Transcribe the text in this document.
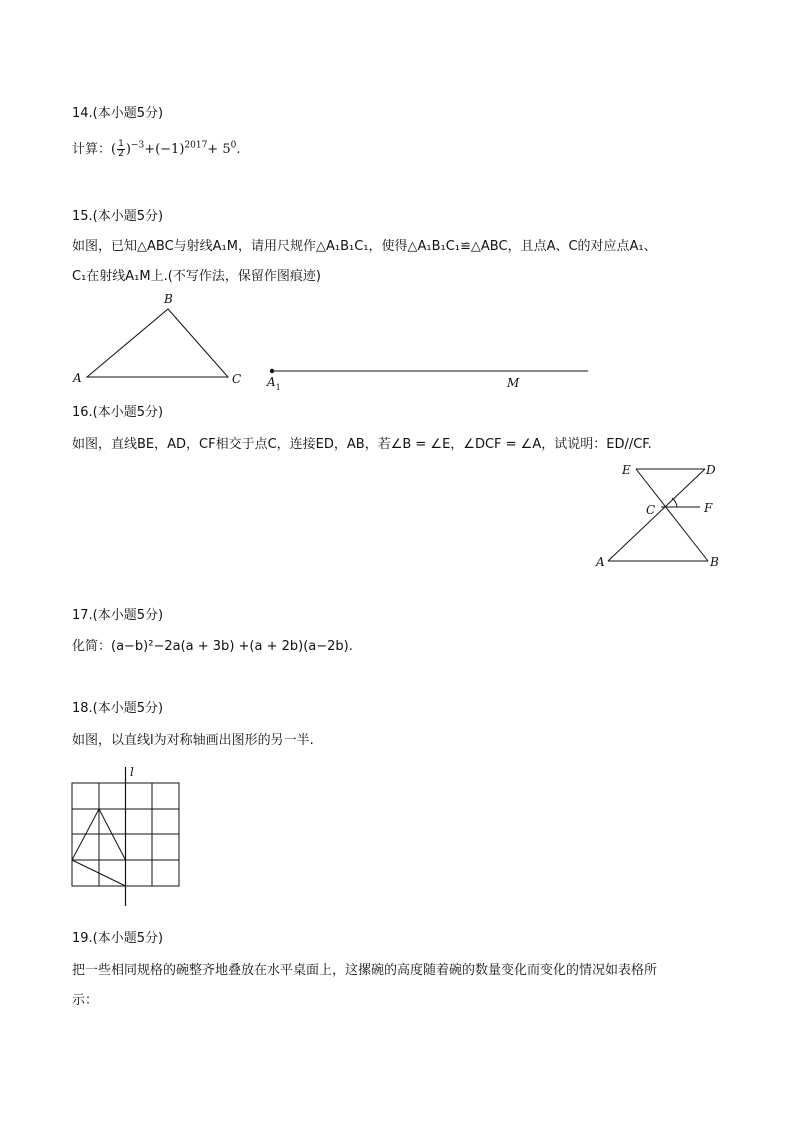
14.(本小题5分)
计算：( $\frac{1}{2} )^{-3}+(-1)^{2017}+ 5^0$.
15.(本小题5分)
如图，已知△ABC与射线A₁M，请用尺规作△A₁B₁C₁，使得△A₁B₁C₁≌△ABC，且点A、C的对应点A₁、
C₁在射线A₁M上.(不写作法，保留作图痕迹)
B
A	C $A_1$	M
16.(本小题5分)
如图，直线BE，AD，CF相交于点C，连接ED，AB，若∠B = ∠E，∠DCF = ∠A，试说明：ED//CF.
E	D
C	F
A	B
17.(本小题5分)
化简：(a−b)²−2a(a + 3b) +(a + 2b)(a−2b).
18.(本小题5分)
如图，以直线l为对称轴画出图形的另一半.
l
19.(本小题5分)
把一些相同规格的碗整齐地叠放在水平桌面上，这摞碗的高度随着碗的数量变化而变化的情况如表格所
示：
